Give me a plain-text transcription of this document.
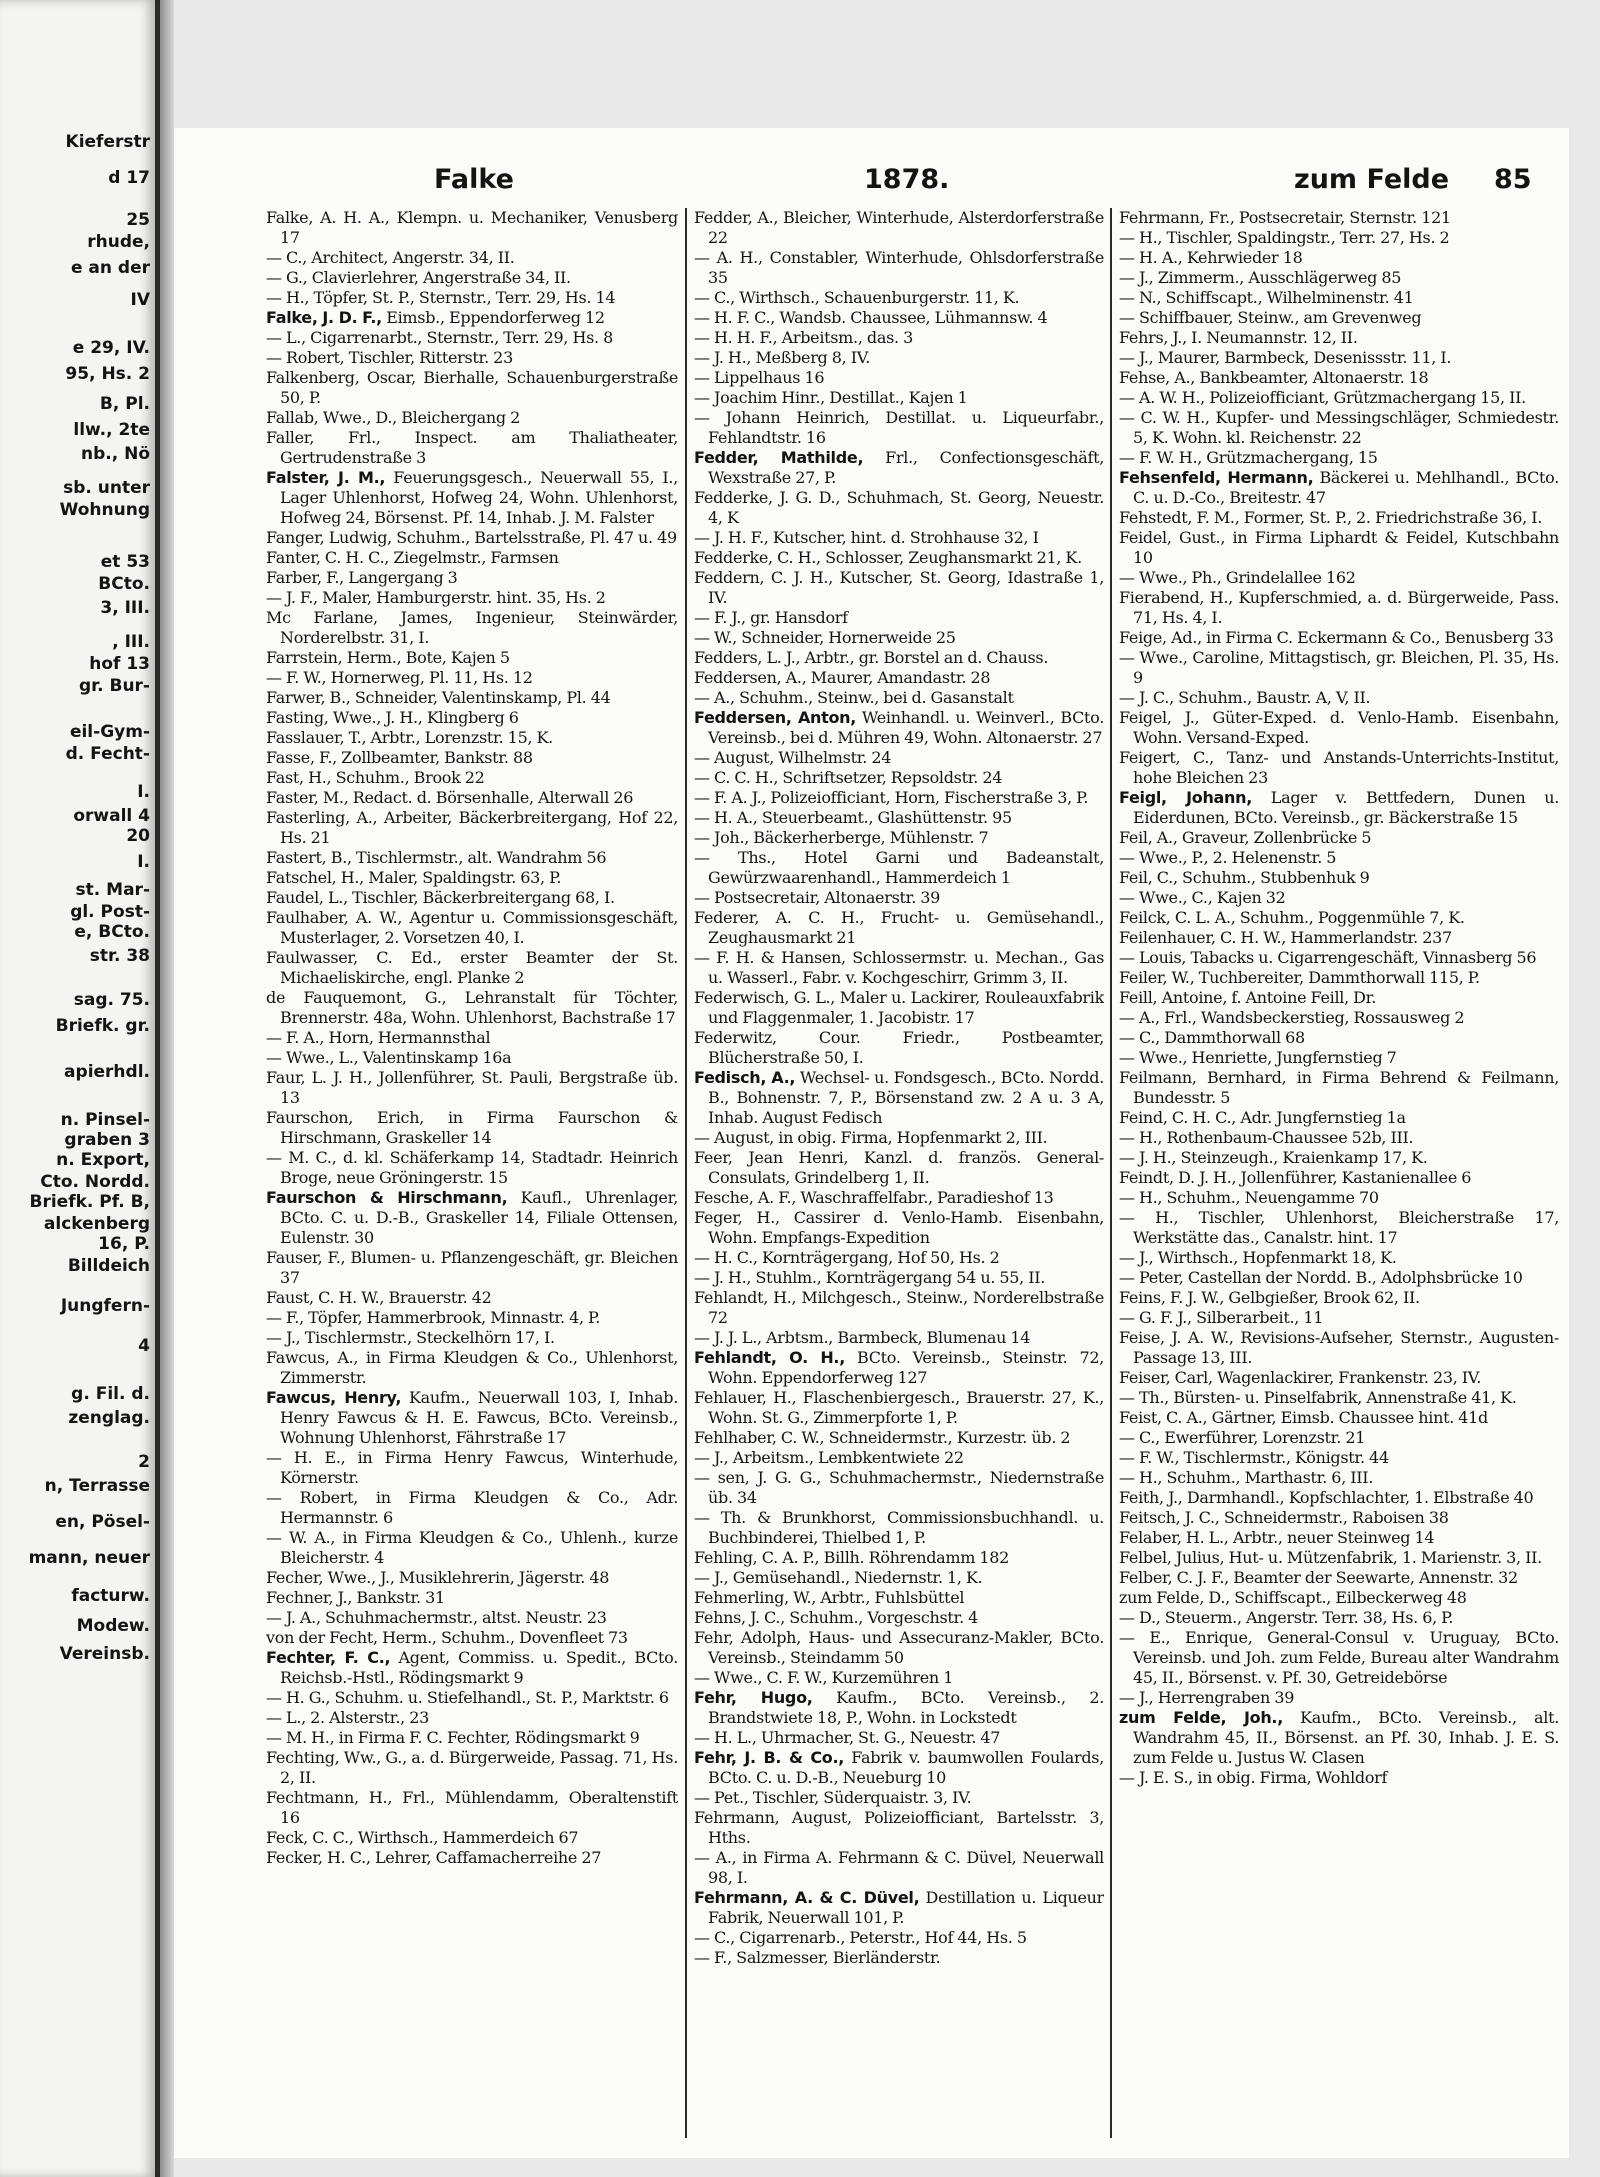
Kieferstr
d 17
25
rhude,
e an der
IV
e 29, IV.
95, Hs. 2
B, Pl.
llw., 2te
nb., Nö
sb. unter
Wohnung
et 53
BCto.
3, III.
, III.
hof 13
gr. Bur-
eil-Gym-
d. Fecht-
I.
orwall 4
20
I.
st. Mar-
gl. Post-
e, BCto.
str. 38
sag. 75.
Briefk. gr.
apierhdl.
n. Pinsel-
graben 3
n. Export,
Cto. Nordd.
Briefk. Pf. B,
alckenberg
16, P.
Billdeich
Jungfern-
4
g. Fil. d.
zenglag.
2
n, Terrasse
en, Pösel-
mann, neuer
facturw.
Modew.
Vereinsb.
Falke	1878.	zum Felde 85

Falke, A. H. A., Klempn. u. Mechaniker, Venusberg 17

— C., Architect, Angerstr. 34, II.

— G., Clavierlehrer, Angerstraße 34, II.

— H., Töpfer, St. P., Sternstr., Terr. 29, Hs. 14

Falke, J. D. F., Eimsb., Eppendorferweg 12

— L., Cigarrenarbt., Sternstr., Terr. 29, Hs. 8

— Robert, Tischler, Ritterstr. 23

Falkenberg, Oscar, Bierhalle, Schauenburgerstraße 50, P.

Fallab, Wwe., D., Bleichergang 2

Faller, Frl., Inspect. am Thaliatheater, Gertrudenstraße 3

Falster, J. M., Feuerungsgesch., Neuerwall 55, I., Lager Uhlenhorst, Hofweg 24, Wohn. Uhlenhorst, Hofweg 24, Börsenst. Pf. 14, Inhab. J. M. Falster

Fanger, Ludwig, Schuhm., Bartelsstraße, Pl. 47 u. 49

Fanter, C. H. C., Ziegelmstr., Farmsen

Farber, F., Langergang 3

— J. F., Maler, Hamburgerstr. hint. 35, Hs. 2

Mc Farlane, James, Ingenieur, Steinwärder, Norderelbstr. 31, I.

Farrstein, Herm., Bote, Kajen 5

— F. W., Hornerweg, Pl. 11, Hs. 12

Farwer, B., Schneider, Valentinskamp, Pl. 44

Fasting, Wwe., J. H., Klingberg 6

Fasslauer, T., Arbtr., Lorenzstr. 15, K.

Fasse, F., Zollbeamter, Bankstr. 88

Fast, H., Schuhm., Brook 22

Faster, M., Redact. d. Börsenhalle, Alterwall 26

Fasterling, A., Arbeiter, Bäckerbreitergang, Hof 22, Hs. 21

Fastert, B., Tischlermstr., alt. Wandrahm 56

Fatschel, H., Maler, Spaldingstr. 63, P.

Faudel, L., Tischler, Bäckerbreitergang 68, I.

Faulhaber, A. W., Agentur u. Commissionsgeschäft, Musterlager, 2. Vorsetzen 40, I.

Faulwasser, C. Ed., erster Beamter der St. Michaeliskirche, engl. Planke 2

de Fauquemont, G., Lehranstalt für Töchter, Brennerstr. 48a, Wohn. Uhlenhorst, Bachstraße 17

— F. A., Horn, Hermannsthal

— Wwe., L., Valentinskamp 16a

Faur, L. J. H., Jollenführer, St. Pauli, Bergstraße üb. 13

Faurschon, Erich, in Firma Faurschon & Hirschmann, Graskeller 14

— M. C., d. kl. Schäferkamp 14, Stadtadr. Heinrich Broge, neue Gröningerstr. 15

Faurschon & Hirschmann, Kaufl., Uhrenlager, BCto. C. u. D.-B., Graskeller 14, Filiale Ottensen, Eulenstr. 30

Fauser, F., Blumen- u. Pflanzengeschäft, gr. Bleichen 37

Faust, C. H. W., Brauerstr. 42

— F., Töpfer, Hammerbrook, Minnastr. 4, P.

— J., Tischlermstr., Steckelhörn 17, I.

Fawcus, A., in Firma Kleudgen & Co., Uhlenhorst, Zimmerstr.

Fawcus, Henry, Kaufm., Neuerwall 103, I, Inhab. Henry Fawcus & H. E. Fawcus, BCto. Vereinsb., Wohnung Uhlenhorst, Fährstraße 17

— H. E., in Firma Henry Fawcus, Winterhude, Körnerstr.

— Robert, in Firma Kleudgen & Co., Adr. Hermannstr. 6

— W. A., in Firma Kleudgen & Co., Uhlenh., kurze Bleicherstr. 4

Fecher, Wwe., J., Musiklehrerin, Jägerstr. 48

Fechner, J., Bankstr. 31

— J. A., Schuhmachermstr., altst. Neustr. 23

von der Fecht, Herm., Schuhm., Dovenfleet 73

Fechter, F. C., Agent, Commiss. u. Spedit., BCto. Reichsb.-Hstl., Rödingsmarkt 9

— H. G., Schuhm. u. Stiefelhandl., St. P., Marktstr. 6

— L., 2. Alsterstr., 23

— M. H., in Firma F. C. Fechter, Rödingsmarkt 9

Fechting, Ww., G., a. d. Bürgerweide, Passag. 71, Hs. 2, II.

Fechtmann, H., Frl., Mühlendamm, Oberaltenstift 16

Feck, C. C., Wirthsch., Hammerdeich 67

Fecker, H. C., Lehrer, Caffamacherreihe 27

Fedder, A., Bleicher, Winterhude, Alsterdorferstraße 22

— A. H., Constabler, Winterhude, Ohlsdorferstraße 35

— C., Wirthsch., Schauenburgerstr. 11, K.

— H. F. C., Wandsb. Chaussee, Lühmannsw. 4

— H. H. F., Arbeitsm., das. 3

— J. H., Meßberg 8, IV.

— Lippelhaus 16

— Joachim Hinr., Destillat., Kajen 1

— Johann Heinrich, Destillat. u. Liqueurfabr., Fehlandtstr. 16

Fedder, Mathilde, Frl., Confectionsgeschäft, Wexstraße 27, P.

Fedderke, J. G. D., Schuhmach, St. Georg, Neuestr. 4, K

— J. H. F., Kutscher, hint. d. Strohhause 32, I

Fedderke, C. H., Schlosser, Zeughansmarkt 21, K.

Feddern, C. J. H., Kutscher, St. Georg, Idastraße 1, IV.

— F. J., gr. Hansdorf

— W., Schneider, Hornerweide 25

Fedders, L. J., Arbtr., gr. Borstel an d. Chauss.

Feddersen, A., Maurer, Amandastr. 28

— A., Schuhm., Steinw., bei d. Gasanstalt

Feddersen, Anton, Weinhandl. u. Weinverl., BCto. Vereinsb., bei d. Mühren 49, Wohn. Altonaerstr. 27

— August, Wilhelmstr. 24

— C. C. H., Schriftsetzer, Repsoldstr. 24

— F. A. J., Polizeiofficiant, Horn, Fischerstraße 3, P.

— H. A., Steuerbeamt., Glashüttenstr. 95

— Joh., Bäckerherberge, Mühlenstr. 7

— Ths., Hotel Garni und Badeanstalt, Gewürzwaarenhandl., Hammerdeich 1

— Postsecretair, Altonaerstr. 39

Federer, A. C. H., Frucht- u. Gemüsehandl., Zeughausmarkt 21

— F. H. & Hansen, Schlossermstr. u. Mechan., Gas u. Wasserl., Fabr. v. Kochgeschirr, Grimm 3, II.

Federwisch, G. L., Maler u. Lackirer, Rouleauxfabrik und Flaggenmaler, 1. Jacobistr. 17

Federwitz, Cour. Friedr., Postbeamter, Blücherstraße 50, I.

Fedisch, A., Wechsel- u. Fondsgesch., BCto. Nordd. B., Bohnenstr. 7, P., Börsenstand zw. 2 A u. 3 A, Inhab. August Fedisch

— August, in obig. Firma, Hopfenmarkt 2, III.

Feer, Jean Henri, Kanzl. d. französ. General-Consulats, Grindelberg 1, II.

Fesche, A. F., Waschraffelfabr., Paradieshof 13

Feger, H., Cassirer d. Venlo-Hamb. Eisenbahn, Wohn. Empfangs-Expedition

— H. C., Kornträgergang, Hof 50, Hs. 2

— J. H., Stuhlm., Kornträgergang 54 u. 55, II.

Fehlandt, H., Milchgesch., Steinw., Norderelbstraße 72

— J. J. L., Arbtsm., Barmbeck, Blumenau 14

Fehlandt, O. H., BCto. Vereinsb., Steinstr. 72, Wohn. Eppendorferweg 127

Fehlauer, H., Flaschenbiergesch., Brauerstr. 27, K., Wohn. St. G., Zimmerpforte 1, P.

Fehlhaber, C. W., Schneidermstr., Kurzestr. üb. 2

— J., Arbeitsm., Lembkentwiete 22

— sen, J. G. G., Schuhmachermstr., Niedernstraße üb. 34

— Th. & Brunkhorst, Commissionsbuchhandl. u. Buchbinderei, Thielbed 1, P.

Fehling, C. A. P., Billh. Röhrendamm 182

— J., Gemüsehandl., Niedernstr. 1, K.

Fehmerling, W., Arbtr., Fuhlsbüttel

Fehns, J. C., Schuhm., Vorgeschstr. 4

Fehr, Adolph, Haus- und Assecuranz-Makler, BCto. Vereinsb., Steindamm 50

— Wwe., C. F. W., Kurzemühren 1

Fehr, Hugo, Kaufm., BCto. Vereinsb., 2. Brandstwiete 18, P., Wohn. in Lockstedt

— H. L., Uhrmacher, St. G., Neuestr. 47

Fehr, J. B. & Co., Fabrik v. baumwollen Foulards, BCto. C. u. D.-B., Neueburg 10

— Pet., Tischler, Süderquaistr. 3, IV.

Fehrmann, August, Polizeiofficiant, Bartelsstr. 3, Hths.

— A., in Firma A. Fehrmann & C. Düvel, Neuerwall 98, I.

Fehrmann, A. & C. Düvel, Destillation u. Liqueur Fabrik, Neuerwall 101, P.

— C., Cigarrenarb., Peterstr., Hof 44, Hs. 5

— F., Salzmesser, Bierländerstr.

Fehrmann, Fr., Postsecretair, Sternstr. 121

— H., Tischler, Spaldingstr., Terr. 27, Hs. 2

— H. A., Kehrwieder 18

— J., Zimmerm., Ausschlägerweg 85

— N., Schiffscapt., Wilhelminenstr. 41

— Schiffbauer, Steinw., am Grevenweg

Fehrs, J., I. Neumannstr. 12, II.

— J., Maurer, Barmbeck, Desenissstr. 11, I.

Fehse, A., Bankbeamter, Altonaerstr. 18

— A. W. H., Polizeiofficiant, Grützmachergang 15, II.

— C. W. H., Kupfer- und Messingschläger, Schmiedestr. 5, K. Wohn. kl. Reichenstr. 22

— F. W. H., Grützmachergang, 15

Fehsenfeld, Hermann, Bäckerei u. Mehlhandl., BCto. C. u. D.-Co., Breitestr. 47

Fehstedt, F. M., Former, St. P., 2. Friedrichstraße 36, I.

Feidel, Gust., in Firma Liphardt & Feidel, Kutschbahn 10

— Wwe., Ph., Grindelallee 162

Fierabend, H., Kupferschmied, a. d. Bürgerweide, Pass. 71, Hs. 4, I.

Feige, Ad., in Firma C. Eckermann & Co., Benusberg 33

— Wwe., Caroline, Mittagstisch, gr. Bleichen, Pl. 35, Hs. 9

— J. C., Schuhm., Baustr. A, V, II.

Feigel, J., Güter-Exped. d. Venlo-Hamb. Eisenbahn, Wohn. Versand-Exped.

Feigert, C., Tanz- und Anstands-Unterrichts-Institut, hohe Bleichen 23

Feigl, Johann, Lager v. Bettfedern, Dunen u. Eiderdunen, BCto. Vereinsb., gr. Bäckerstraße 15

Feil, A., Graveur, Zollenbrücke 5

— Wwe., P., 2. Helenenstr. 5

Feil, C., Schuhm., Stubbenhuk 9

— Wwe., C., Kajen 32

Feilck, C. L. A., Schuhm., Poggenmühle 7, K.

Feilenhauer, C. H. W., Hammerlandstr. 237

— Louis, Tabacks u. Cigarrengeschäft, Vinnasberg 56

Feiler, W., Tuchbereiter, Dammthorwall 115, P.

Feill, Antoine, f. Antoine Feill, Dr.

— A., Frl., Wandsbeckerstieg, Rossausweg 2

— C., Dammthorwall 68

— Wwe., Henriette, Jungfernstieg 7

Feilmann, Bernhard, in Firma Behrend & Feilmann, Bundesstr. 5

Feind, C. H. C., Adr. Jungfernstieg 1a

— H., Rothenbaum-Chaussee 52b, III.

— J. H., Steinzeugh., Kraienkamp 17, K.

Feindt, D. J. H., Jollenführer, Kastanienallee 6

— H., Schuhm., Neuengamme 70

— H., Tischler, Uhlenhorst, Bleicherstraße 17, Werkstätte das., Canalstr. hint. 17

— J., Wirthsch., Hopfenmarkt 18, K.

— Peter, Castellan der Nordd. B., Adolphsbrücke 10

Feins, F. J. W., Gelbgießer, Brook 62, II.

— G. F. J., Silberarbeit., 11

Feise, J. A. W., Revisions-Aufseher, Sternstr., Augusten-Passage 13, III.

Feiser, Carl, Wagenlackirer, Frankenstr. 23, IV.

— Th., Bürsten- u. Pinselfabrik, Annenstraße 41, K.

Feist, C. A., Gärtner, Eimsb. Chaussee hint. 41d

— C., Ewerführer, Lorenzstr. 21

— F. W., Tischlermstr., Königstr. 44

— H., Schuhm., Marthastr. 6, III.

Feith, J., Darmhandl., Kopfschlachter, 1. Elbstraße 40

Feitsch, J. C., Schneidermstr., Raboisen 38

Felaber, H. L., Arbtr., neuer Steinweg 14

Felbel, Julius, Hut- u. Mützenfabrik, 1. Marienstr. 3, II.

Felber, C. J. F., Beamter der Seewarte, Annenstr. 32

zum Felde, D., Schiffscapt., Eilbeckerweg 48

— D., Steuerm., Angerstr. Terr. 38, Hs. 6, P.

— E., Enrique, General-Consul v. Uruguay, BCto. Vereinsb. und Joh. zum Felde, Bureau alter Wandrahm 45, II., Börsenst. v. Pf. 30, Getreidebörse

— J., Herrengraben 39

zum Felde, Joh., Kaufm., BCto. Vereinsb., alt. Wandrahm 45, II., Börsenst. an Pf. 30, Inhab. J. E. S. zum Felde u. Justus W. Clasen

— J. E. S., in obig. Firma, Wohldorf
